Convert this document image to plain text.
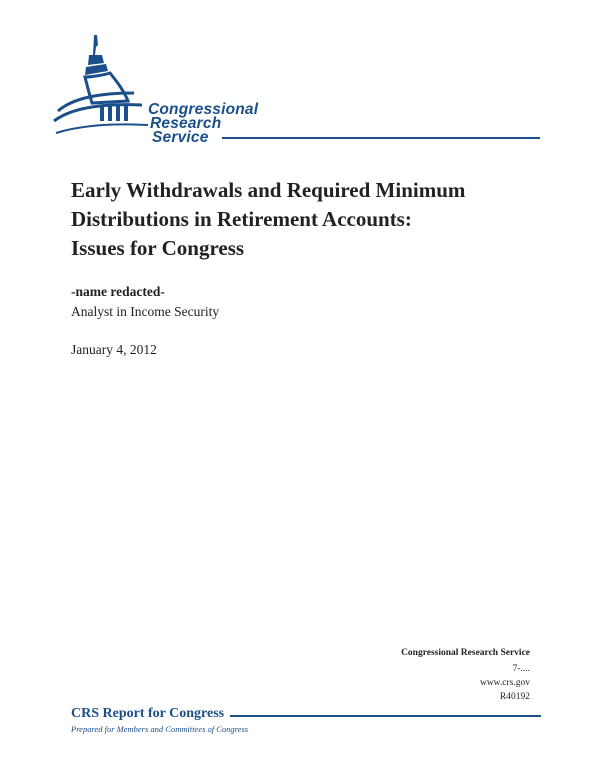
Congressional
Research
Service
Early Withdrawals and Required Minimum
Distributions in Retirement Accounts:
Issues for Congress

-name redacted-

Analyst in Income Security

January 4, 2012

Congressional Research Service

7-....

www.crs.gov

R40192

CRS Report for Congress

Prepared for Members and Committees of Congress
